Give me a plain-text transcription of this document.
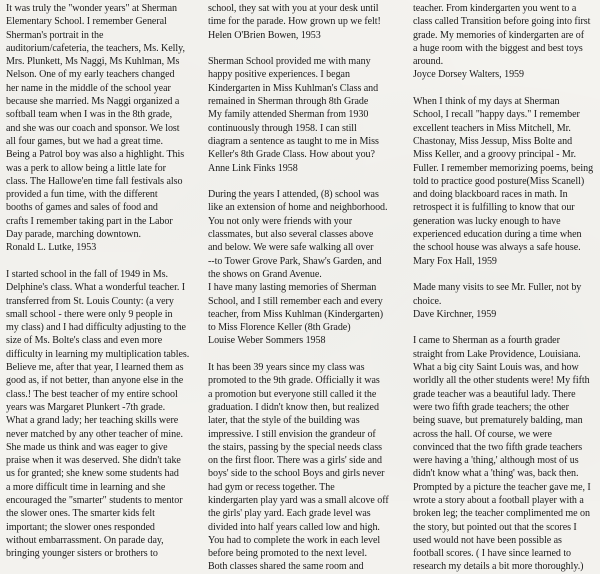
It was truly the "wonder years" at Sherman
Elementary School. I remember General
Sherman's portrait in the
auditorium/cafeteria, the teachers, Ms. Kelly,
Mrs. Plunkett, Ms Naggi, Ms Kuhlman, Ms
Nelson. One of my early teachers changed
her name in the middle of the school year
because she married. Ms Naggi organized a
softball team when I was in the 8th grade,
and she was our coach and sponsor. We lost
all four games, but we had a great time.
Being a Patrol boy was also a highlight. This
was a perk to allow being a little late for
class. The Hallowe'en time fall festivals also
provided a fun time, with the different
booths of games and sales of food and
crafts I remember taking part in the Labor
Day parade, marching downtown.

Ronald L. Lutke, 1953

I started school in the fall of 1949 in Ms.
Delphine's class. What a wonderful teacher. I
transferred from St. Louis County: (a very
small school - there were only 9 people in
my class) and I had difficulty adjusting to the
size of Ms. Bolte's class and even more
difficulty in learning my multiplication tables.
Believe me, after that year, I learned them as
good as, if not better, than anyone else in the
class.! The best teacher of my entire school
years was Margaret Plunkert -7th grade.
What a grand lady; her teaching skills were
never matched by any other teacher of mine.
She made us think and was eager to give
praise when it was deserved. She didn't take
us for granted; she knew some students had
a more difficult time in learning and she
encouraged the "smarter" students to mentor
the slower ones. The smarter kids felt
important; the slower ones responded
without embarrassment. On parade day,
bringing younger sisters or brothers to

school, they sat with you at your desk until
time for the parade. How grown up we felt!

Helen O'Brien Bowen, 1953

Sherman School provided me with many
happy positive experiences. I began
Kindergarten in Miss Kuhlman's Class and
remained in Sherman through 8th Grade
My family attended Sherman from 1930
continuously through 1958. I can still
diagram a sentence as taught to me in Miss
Keller's 8th Grade Class. How about you?

Anne Link Finks 1958

During the years I attended, (8) school was
like an extension of home and neighborhood.
You not only were friends with your
classmates, but also several classes above
and below. We were safe walking all over
--to Tower Grove Park, Shaw's Garden, and
the shows on Grand Avenue.
I have many lasting memories of Sherman
School, and I still remember each and every
teacher, from Miss Kuhlman (Kindergarten)
to Miss Florence Keller (8th Grade)

Louise Weber Sommers 1958

It has been 39 years since my class was
promoted to the 9th grade. Officially it was
a promotion but everyone still called it the
graduation. I didn't know then, but realized
later, that the style of the building was
impressive. I still envision the grandeur of
the stairs, passing by the special needs class
on the first floor. There was a girls' side and
boys' side to the school Boys and girls never
had gym or recess together. The
kindergarten play yard was a small alcove off
the girls' play yard. Each grade level was
divided into half years called low and high.
You had to complete the work in each level
before being promoted to the next level.
Both classes shared the same room and

teacher. From kindergarten you went to a
class called Transition before going into first
grade. My memories of kindergarten are of
a huge room with the biggest and best toys
around.

Joyce Dorsey Walters, 1959

When I think of my days at Sherman
School, I recall "happy days." I remember
excellent teachers in Miss Mitchell, Mr.
Chastonay, Miss Jessup, Miss Bolte and
Miss Keller, and a groovy principal - Mr.
Fuller. I remember memorizing poems, being
told to practice good posture(Miss Scanell)
and doing blackboard races in math. In
retrospect it is fulfilling to know that our
generation was lucky enough to have
experienced education during a time when
the school house was always a safe house.

Mary Fox Hall, 1959

Made many visits to see Mr. Fuller, not by
choice.

Dave Kirchner, 1959

I came to Sherman as a fourth grader
straight from Lake Providence, Louisiana.
What a big city Saint Louis was, and how
worldly all the other students were! My fifth
grade teacher was a beautiful lady. There
were two fifth grade teachers; the other
being suave, but prematurely balding, man
across the hall. Of course, we were
convinced that the two fifth grade teachers
were having a 'thing,' although most of us
didn't know what a 'thing' was, back then.
Prompted by a picture the teacher gave me, I
wrote a story about a football player with a
broken leg; the teacher complimented me on
the story, but pointed out that the scores I
used would not have been possible as
football scores. ( I have since learned to
research my details a bit more thoroughly.)
